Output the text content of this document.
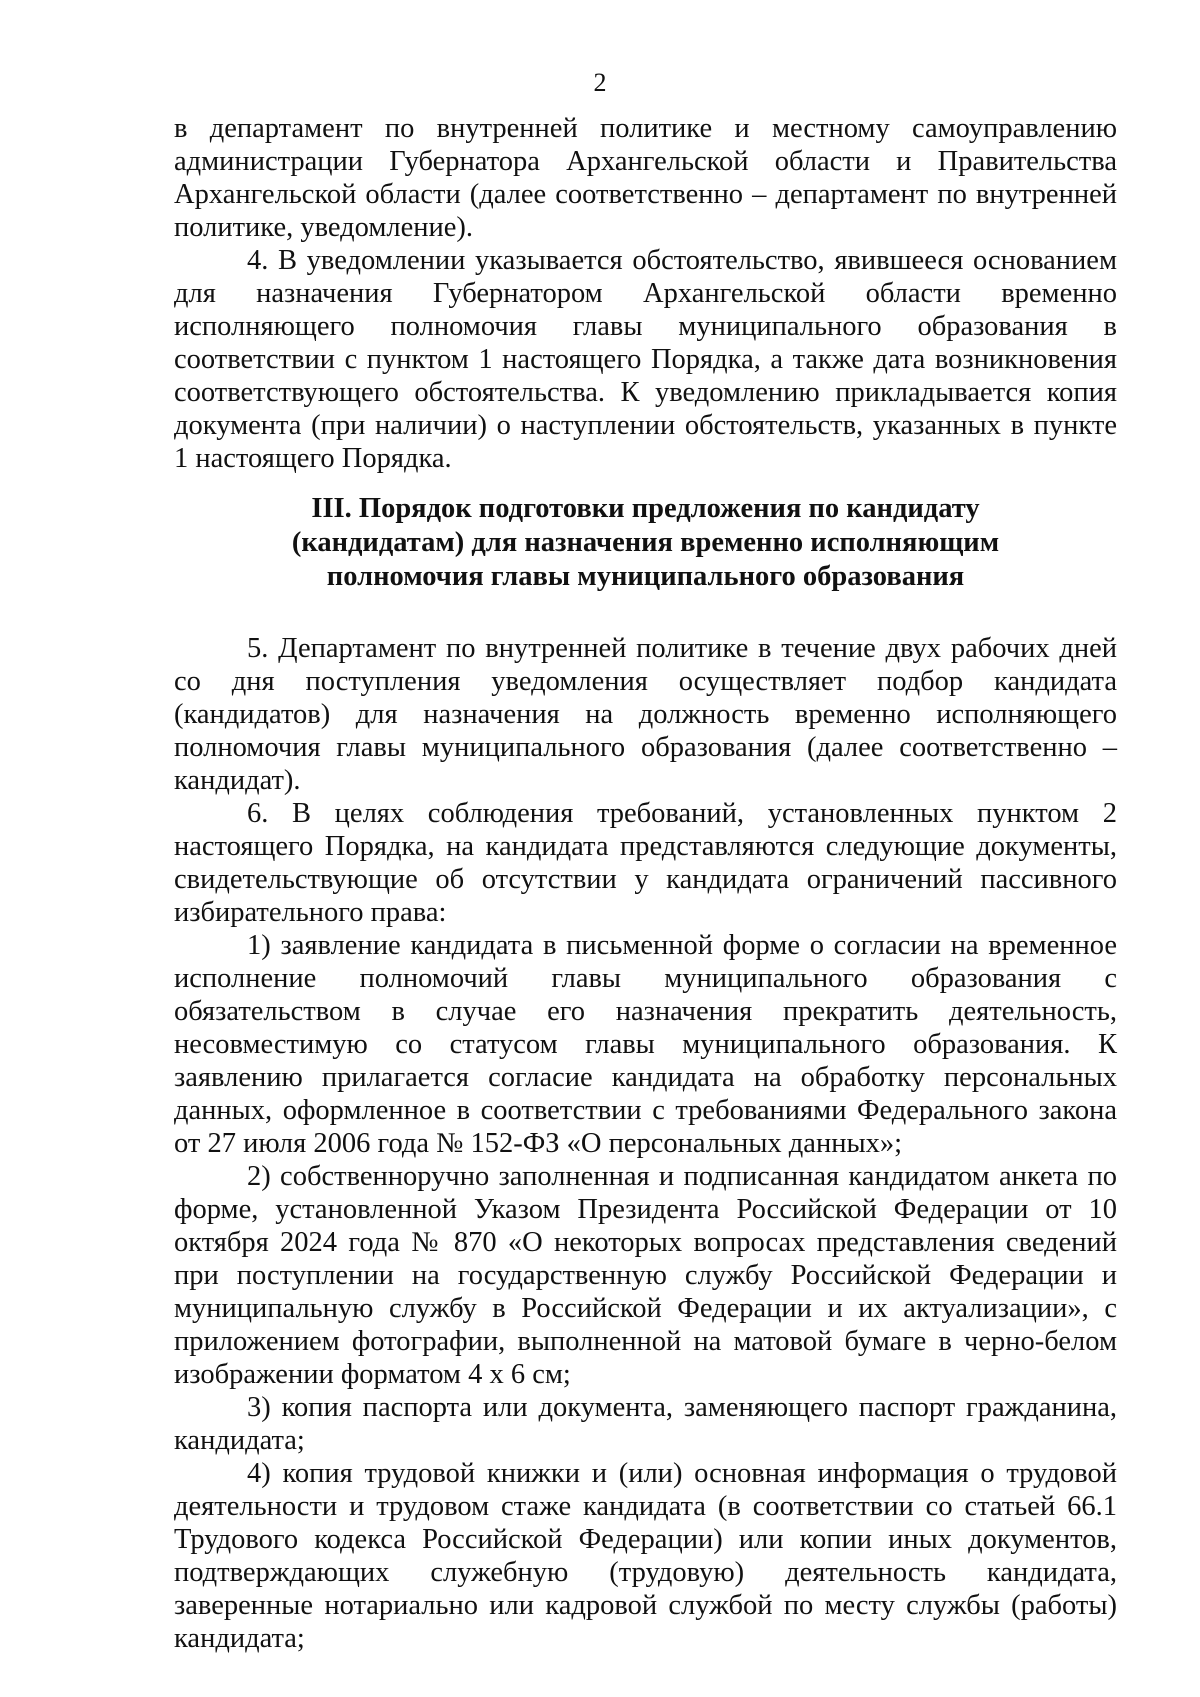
2

в департамент по внутренней политике и местному самоуправлению администрации Губернатора Архангельской области и Правительства Архангельской области (далее соответственно – департамент по внутренней политике, уведомление).

4. В уведомлении указывается обстоятельство, явившееся основанием для назначения Губернатором Архангельской области временно исполняющего полномочия главы муниципального образования в соответствии с пунктом 1 настоящего Порядка, а также дата возникновения соответствующего обстоятельства. К уведомлению прикладывается копия документа (при наличии) о наступлении обстоятельств, указанных в пункте 1 настоящего Порядка.

III. Порядок подготовки предложения по кандидату
(кандидатам) для назначения временно исполняющим
полномочия главы муниципального образования

5. Департамент по внутренней политике в течение двух рабочих дней со дня поступления уведомления осуществляет подбор кандидата (кандидатов) для назначения на должность временно исполняющего полномочия главы муниципального образования (далее соответственно – кандидат).

6. В целях соблюдения требований, установленных пунктом 2 настоящего Порядка, на кандидата представляются следующие документы, свидетельствующие об отсутствии у кандидата ограничений пассивного избирательного права:

1) заявление кандидата в письменной форме о согласии на временное исполнение полномочий главы муниципального образования с обязательством в случае его назначения прекратить деятельность, несовместимую со статусом главы муниципального образования. К заявлению прилагается согласие кандидата на обработку персональных данных, оформленное в соответствии с требованиями Федерального закона от 27 июля 2006 года № 152-ФЗ «О персональных данных»;

2) собственноручно заполненная и подписанная кандидатом анкета по форме, установленной Указом Президента Российской Федерации от 10 октября 2024 года № 870 «О некоторых вопросах представления сведений при поступлении на государственную службу Российской Федерации и муниципальную службу в Российской Федерации и их актуализации», с приложением фотографии, выполненной на матовой бумаге в черно-белом изображении форматом 4 х 6 см;

3) копия паспорта или документа, заменяющего паспорт гражданина, кандидата;

4) копия трудовой книжки и (или) основная информация о трудовой деятельности и трудовом стаже кандидата (в соответствии со статьей 66.1 Трудового кодекса Российской Федерации) или копии иных документов, подтверждающих служебную (трудовую) деятельность кандидата, заверенные нотариально или кадровой службой по месту службы (работы) кандидата;
